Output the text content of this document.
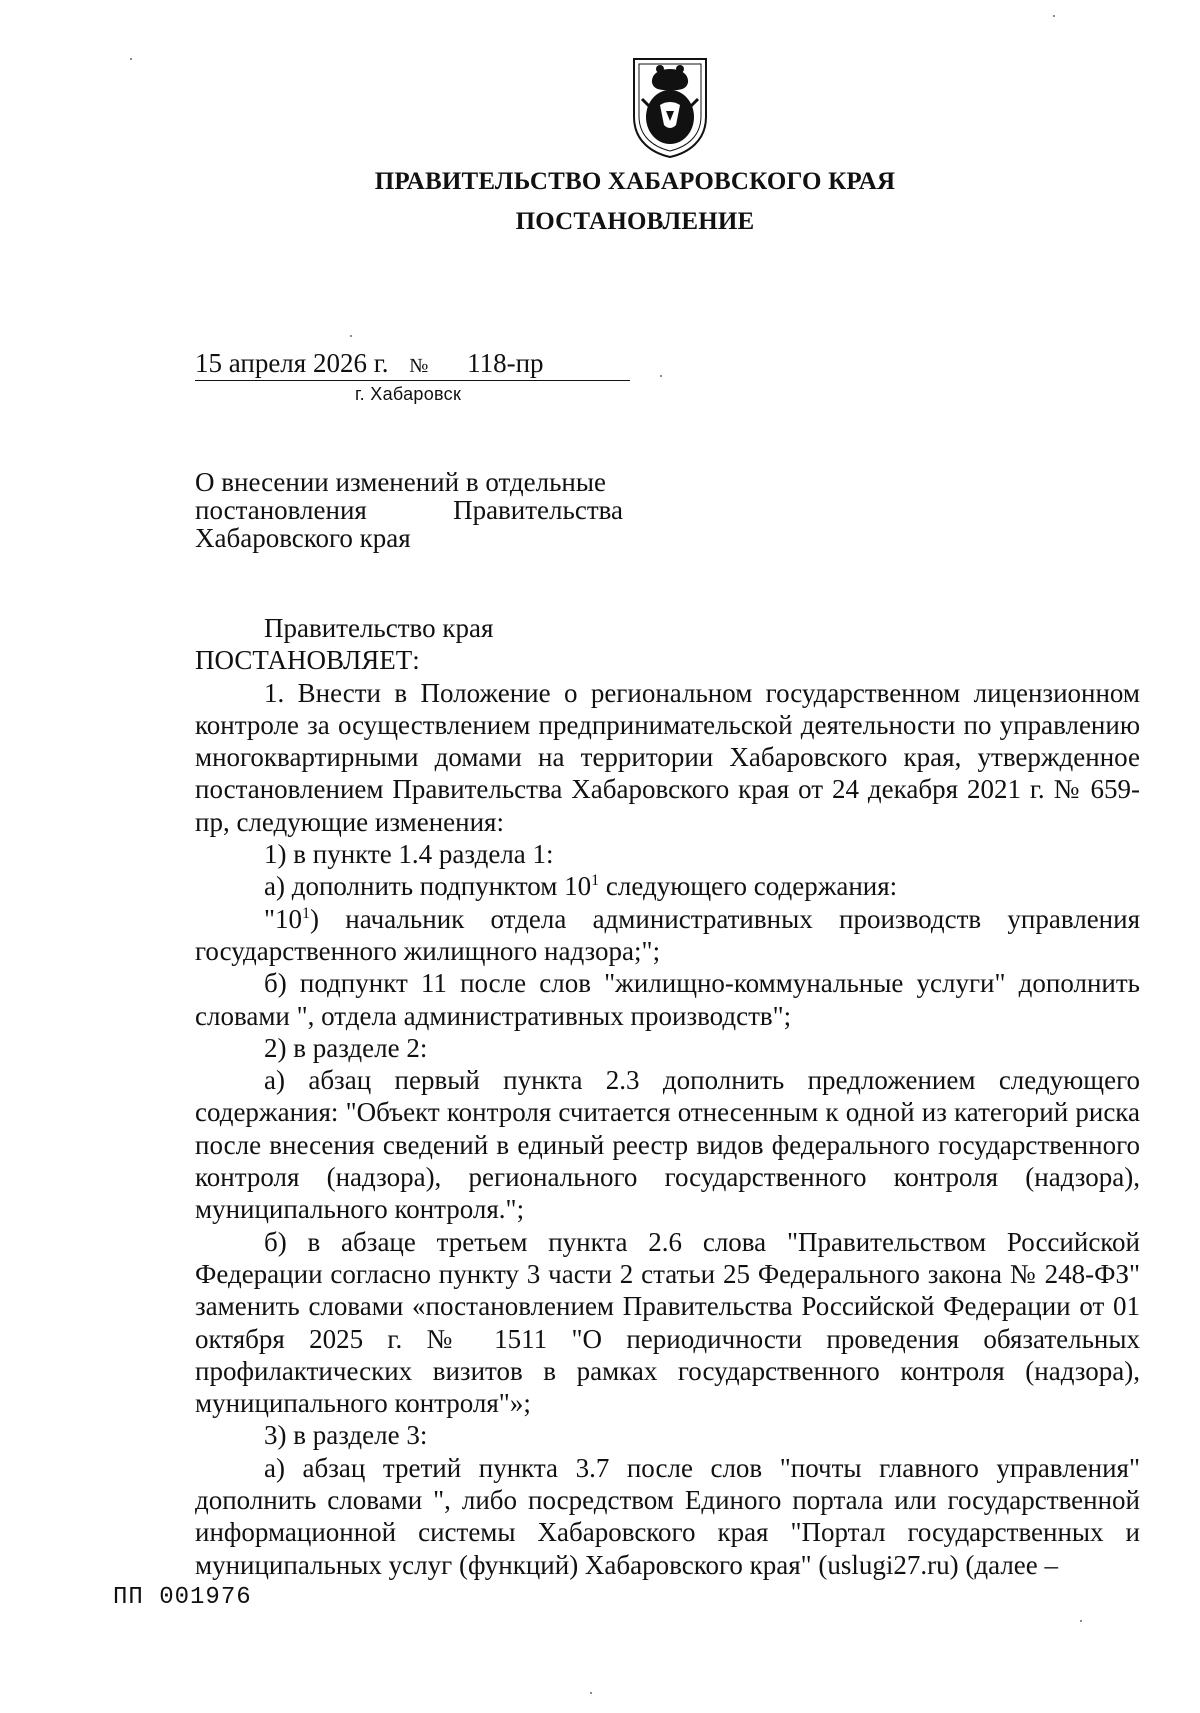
ПРАВИТЕЛЬСТВО ХАБАРОВСКОГО КРАЯ
ПОСТАНОВЛЕНИЕ
15 апреля 2026 г. № 118-пр
г. Хабаровск
О внесении изменений в отдельные
постановления	Правительства
Хабаровского края

Правительство края

ПОСТАНОВЛЯЕТ:

1. Внести в Положение о региональном государственном лицензионном контроле за осуществлением предпринимательской деятельности по управлению многоквартирными домами на территории Хабаровского края, утвержденное постановлением Правительства Хабаровского края от 24 декабря 2021 г. № 659-пр, следующие изменения:

1) в пункте 1.4 раздела 1:

а) дополнить подпунктом $10^1$ следующего содержания:

"$10^1$) начальник отдела административных производств управления государственного жилищного надзора;";

б) подпункт 11 после слов "жилищно-коммунальные услуги" дополнить словами ", отдела административных производств";

2) в разделе 2:

а) абзац первый пункта 2.3 дополнить предложением следующего содержания: "Объект контроля считается отнесенным к одной из категорий риска после внесения сведений в единый реестр видов федерального государственного контроля (надзора), регионального государственного контроля (надзора), муниципального контроля.";

б) в абзаце третьем пункта 2.6 слова "Правительством Российской Федерации согласно пункту 3 части 2 статьи 25 Федерального закона № 248-ФЗ" заменить словами «постановлением Правительства Российской Федерации от 01 октября 2025 г. № 1511 "О периодичности проведения обязательных профилактических визитов в рамках государственного контроля (надзора), муниципального контроля"»;

3) в разделе 3:

а) абзац третий пункта 3.7 после слов "почты главного управления" дополнить словами ", либо посредством Единого портала или государственной информационной системы Хабаровского края "Портал государственных и муниципальных услуг (функций) Хабаровского края" (uslugi27.ru) (далее –

ПП 001976
